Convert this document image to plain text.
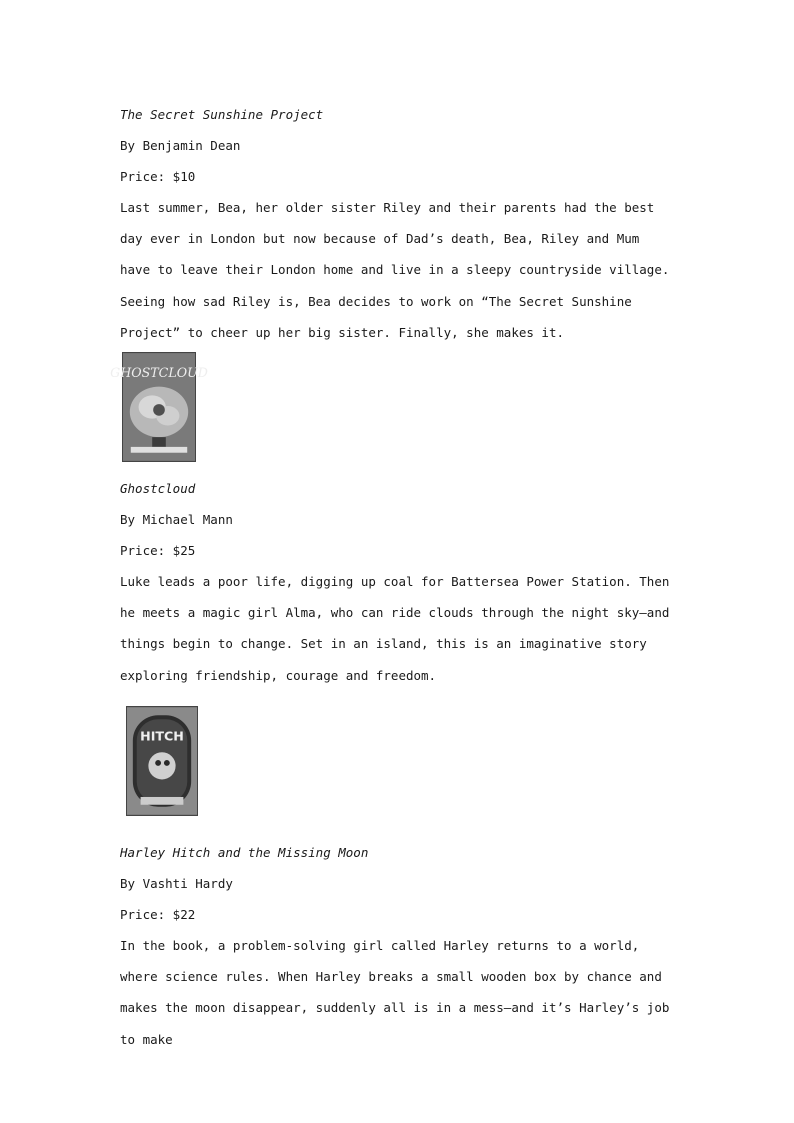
The Secret Sunshine Project
By Benjamin Dean
Price: $10
Last summer, Bea, her older sister Riley and their parents had the best day ever in London but now because of Dad’s death, Bea, Riley and Mum have to leave their London home and live in a sleepy countryside village. Seeing how sad Riley is, Bea decides to work on “The Secret Sunshine Project” to cheer up her big sister. Finally, she makes it.
GHOSTCLOUD
Ghostcloud
By Michael Mann
Price: $25
Luke leads a poor life, digging up coal for Battersea Power Station. Then he meets a magic girl Alma, who can ride clouds through the night sky—and things begin to change. Set in an island, this is an imaginative story exploring friendship, courage and freedom.
HITCH
Harley Hitch and the Missing Moon
By Vashti Hardy
Price: $22
In the book, a problem-solving girl called Harley returns to a world, where science rules. When Harley breaks a small wooden box by chance and makes the moon disappear, suddenly all is in a mess—and it’s Harley’s job to make
